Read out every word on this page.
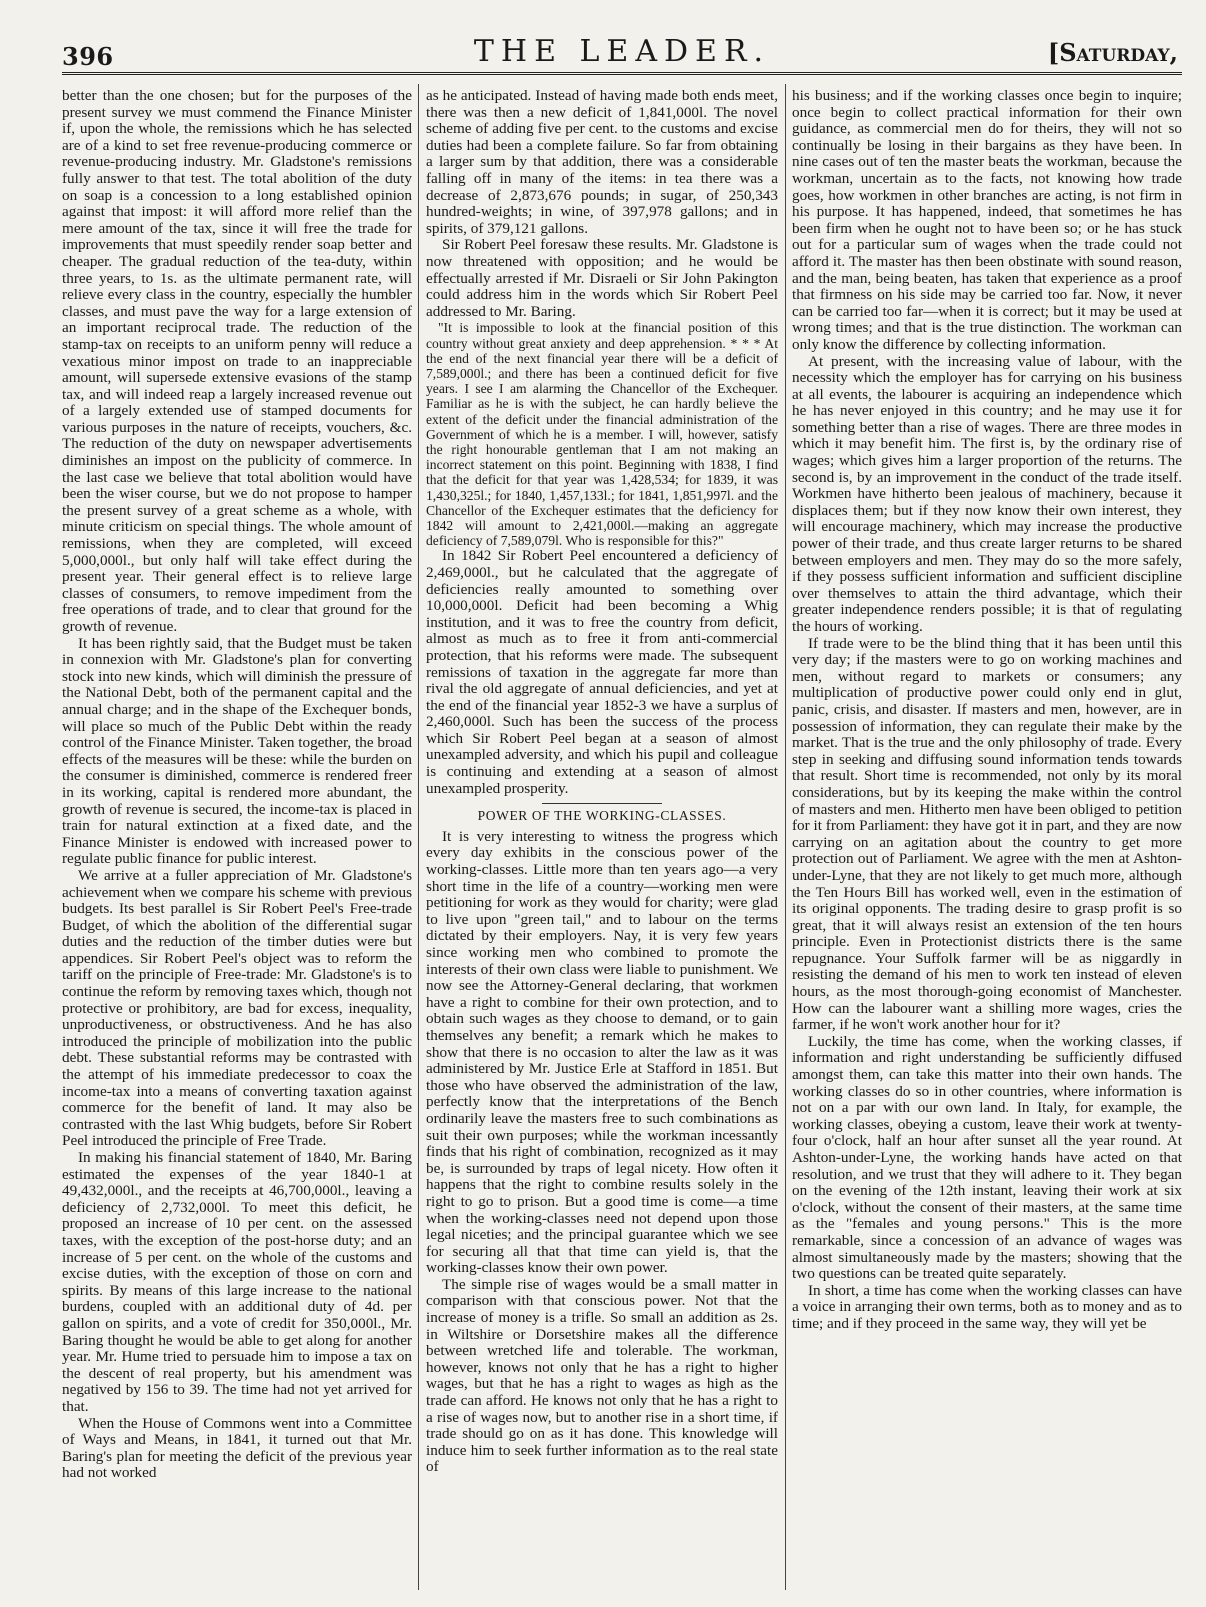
396	THE LEADER.	[Saturday,

better than the one chosen; but for the purposes of the present survey we must commend the Finance Minister if, upon the whole, the remissions which he has selected are of a kind to set free revenue-producing commerce or revenue-producing industry. Mr. Gladstone's remissions fully answer to that test. The total abolition of the duty on soap is a concession to a long established opinion against that impost: it will afford more relief than the mere amount of the tax, since it will free the trade for improvements that must speedily render soap better and cheaper. The gradual reduction of the tea-duty, within three years, to 1s. as the ultimate permanent rate, will relieve every class in the country, especially the humbler classes, and must pave the way for a large extension of an important reciprocal trade. The reduction of the stamp-tax on receipts to an uniform penny will reduce a vexatious minor impost on trade to an inappreciable amount, will supersede extensive evasions of the stamp tax, and will indeed reap a largely increased revenue out of a largely extended use of stamped documents for various purposes in the nature of receipts, vouchers, &c. The reduction of the duty on newspaper advertisements diminishes an impost on the publicity of commerce. In the last case we believe that total abolition would have been the wiser course, but we do not propose to hamper the present survey of a great scheme as a whole, with minute criticism on special things. The whole amount of remissions, when they are completed, will exceed 5,000,000l., but only half will take effect during the present year. Their general effect is to relieve large classes of consumers, to remove impediment from the free operations of trade, and to clear that ground for the growth of revenue.

It has been rightly said, that the Budget must be taken in connexion with Mr. Gladstone's plan for converting stock into new kinds, which will diminish the pressure of the National Debt, both of the permanent capital and the annual charge; and in the shape of the Exchequer bonds, will place so much of the Public Debt within the ready control of the Finance Minister. Taken together, the broad effects of the measures will be these: while the burden on the consumer is diminished, commerce is rendered freer in its working, capital is rendered more abundant, the growth of revenue is secured, the income-tax is placed in train for natural extinction at a fixed date, and the Finance Minister is endowed with increased power to regulate public finance for public interest.

We arrive at a fuller appreciation of Mr. Gladstone's achievement when we compare his scheme with previous budgets. Its best parallel is Sir Robert Peel's Free-trade Budget, of which the abolition of the differential sugar duties and the reduction of the timber duties were but appendices. Sir Robert Peel's object was to reform the tariff on the principle of Free-trade: Mr. Gladstone's is to continue the reform by removing taxes which, though not protective or prohibitory, are bad for excess, inequality, unproductiveness, or obstructiveness. And he has also introduced the principle of mobilization into the public debt. These substantial reforms may be contrasted with the attempt of his immediate predecessor to coax the income-tax into a means of converting taxation against commerce for the benefit of land. It may also be contrasted with the last Whig budgets, before Sir Robert Peel introduced the principle of Free Trade.

In making his financial statement of 1840, Mr. Baring estimated the expenses of the year 1840-1 at 49,432,000l., and the receipts at 46,700,000l., leaving a deficiency of 2,732,000l. To meet this deficit, he proposed an increase of 10 per cent. on the assessed taxes, with the exception of the post-horse duty; and an increase of 5 per cent. on the whole of the customs and excise duties, with the exception of those on corn and spirits. By means of this large increase to the national burdens, coupled with an additional duty of 4d. per gallon on spirits, and a vote of credit for 350,000l., Mr. Baring thought he would be able to get along for another year. Mr. Hume tried to persuade him to impose a tax on the descent of real property, but his amendment was negatived by 156 to 39. The time had not yet arrived for that.

When the House of Commons went into a Committee of Ways and Means, in 1841, it turned out that Mr. Baring's plan for meeting the deficit of the previous year had not worked

as he anticipated. Instead of having made both ends meet, there was then a new deficit of 1,841,000l. The novel scheme of adding five per cent. to the customs and excise duties had been a complete failure. So far from obtaining a larger sum by that addition, there was a considerable falling off in many of the items: in tea there was a decrease of 2,873,676 pounds; in sugar, of 250,343 hundred-weights; in wine, of 397,978 gallons; and in spirits, of 379,121 gallons.

Sir Robert Peel foresaw these results. Mr. Gladstone is now threatened with opposition; and he would be effectually arrested if Mr. Disraeli or Sir John Pakington could address him in the words which Sir Robert Peel addressed to Mr. Baring.

"It is impossible to look at the financial position of this country without great anxiety and deep apprehension. * * * At the end of the next financial year there will be a deficit of 7,589,000l.; and there has been a continued deficit for five years. I see I am alarming the Chancellor of the Exchequer. Familiar as he is with the subject, he can hardly believe the extent of the deficit under the financial administration of the Government of which he is a member. I will, however, satisfy the right honourable gentleman that I am not making an incorrect statement on this point. Beginning with 1838, I find that the deficit for that year was 1,428,534; for 1839, it was 1,430,325l.; for 1840, 1,457,133l.; for 1841, 1,851,997l. and the Chancellor of the Exchequer estimates that the deficiency for 1842 will amount to 2,421,000l.—making an aggregate deficiency of 7,589,079l. Who is responsible for this?"

In 1842 Sir Robert Peel encountered a deficiency of 2,469,000l., but he calculated that the aggregate of deficiencies really amounted to something over 10,000,000l. Deficit had been becoming a Whig institution, and it was to free the country from deficit, almost as much as to free it from anti-commercial protection, that his reforms were made. The subsequent remissions of taxation in the aggregate far more than rival the old aggregate of annual deficiencies, and yet at the end of the financial year 1852-3 we have a surplus of 2,460,000l. Such has been the success of the process which Sir Robert Peel began at a season of almost unexampled adversity, and which his pupil and colleague is continuing and extending at a season of almost unexampled prosperity.

POWER OF THE WORKING-CLASSES.

It is very interesting to witness the progress which every day exhibits in the conscious power of the working-classes. Little more than ten years ago—a very short time in the life of a country—working men were petitioning for work as they would for charity; were glad to live upon "green tail," and to labour on the terms dictated by their employers. Nay, it is very few years since working men who combined to promote the interests of their own class were liable to punishment. We now see the Attorney-General declaring, that workmen have a right to combine for their own protection, and to obtain such wages as they choose to demand, or to gain themselves any benefit; a remark which he makes to show that there is no occasion to alter the law as it was administered by Mr. Justice Erle at Stafford in 1851. But those who have observed the administration of the law, perfectly know that the interpretations of the Bench ordinarily leave the masters free to such combinations as suit their own purposes; while the workman incessantly finds that his right of combination, recognized as it may be, is surrounded by traps of legal nicety. How often it happens that the right to combine results solely in the right to go to prison. But a good time is come—a time when the working-classes need not depend upon those legal niceties; and the principal guarantee which we see for securing all that that time can yield is, that the working-classes know their own power.

The simple rise of wages would be a small matter in comparison with that conscious power. Not that the increase of money is a trifle. So small an addition as 2s. in Wiltshire or Dorsetshire makes all the difference between wretched life and tolerable. The workman, however, knows not only that he has a right to higher wages, but that he has a right to wages as high as the trade can afford. He knows not only that he has a right to a rise of wages now, but to another rise in a short time, if trade should go on as it has done. This knowledge will induce him to seek further information as to the real state of

his business; and if the working classes once begin to inquire; once begin to collect practical information for their own guidance, as commercial men do for theirs, they will not so continually be losing in their bargains as they have been. In nine cases out of ten the master beats the workman, because the workman, uncertain as to the facts, not knowing how trade goes, how workmen in other branches are acting, is not firm in his purpose. It has happened, indeed, that sometimes he has been firm when he ought not to have been so; or he has stuck out for a particular sum of wages when the trade could not afford it. The master has then been obstinate with sound reason, and the man, being beaten, has taken that experience as a proof that firmness on his side may be carried too far. Now, it never can be carried too far—when it is correct; but it may be used at wrong times; and that is the true distinction. The workman can only know the difference by collecting information.

At present, with the increasing value of labour, with the necessity which the employer has for carrying on his business at all events, the labourer is acquiring an independence which he has never enjoyed in this country; and he may use it for something better than a rise of wages. There are three modes in which it may benefit him. The first is, by the ordinary rise of wages; which gives him a larger proportion of the returns. The second is, by an improvement in the conduct of the trade itself. Workmen have hitherto been jealous of machinery, because it displaces them; but if they now know their own interest, they will encourage machinery, which may increase the productive power of their trade, and thus create larger returns to be shared between employers and men. They may do so the more safely, if they possess sufficient information and sufficient discipline over themselves to attain the third advantage, which their greater independence renders possible; it is that of regulating the hours of working.

If trade were to be the blind thing that it has been until this very day; if the masters were to go on working machines and men, without regard to markets or consumers; any multiplication of productive power could only end in glut, panic, crisis, and disaster. If masters and men, however, are in possession of information, they can regulate their make by the market. That is the true and the only philosophy of trade. Every step in seeking and diffusing sound information tends towards that result. Short time is recommended, not only by its moral considerations, but by its keeping the make within the control of masters and men. Hitherto men have been obliged to petition for it from Parliament: they have got it in part, and they are now carrying on an agitation about the country to get more protection out of Parliament. We agree with the men at Ashton-under-Lyne, that they are not likely to get much more, although the Ten Hours Bill has worked well, even in the estimation of its original opponents. The trading desire to grasp profit is so great, that it will always resist an extension of the ten hours principle. Even in Protectionist districts there is the same repugnance. Your Suffolk farmer will be as niggardly in resisting the demand of his men to work ten instead of eleven hours, as the most thorough-going economist of Manchester. How can the labourer want a shilling more wages, cries the farmer, if he won't work another hour for it?

Luckily, the time has come, when the working classes, if information and right understanding be sufficiently diffused amongst them, can take this matter into their own hands. The working classes do so in other countries, where information is not on a par with our own land. In Italy, for example, the working classes, obeying a custom, leave their work at twenty-four o'clock, half an hour after sunset all the year round. At Ashton-under-Lyne, the working hands have acted on that resolution, and we trust that they will adhere to it. They began on the evening of the 12th instant, leaving their work at six o'clock, without the consent of their masters, at the same time as the "females and young persons." This is the more remarkable, since a concession of an advance of wages was almost simultaneously made by the masters; showing that the two questions can be treated quite separately.

In short, a time has come when the working classes can have a voice in arranging their own terms, both as to money and as to time; and if they proceed in the same way, they will yet be
